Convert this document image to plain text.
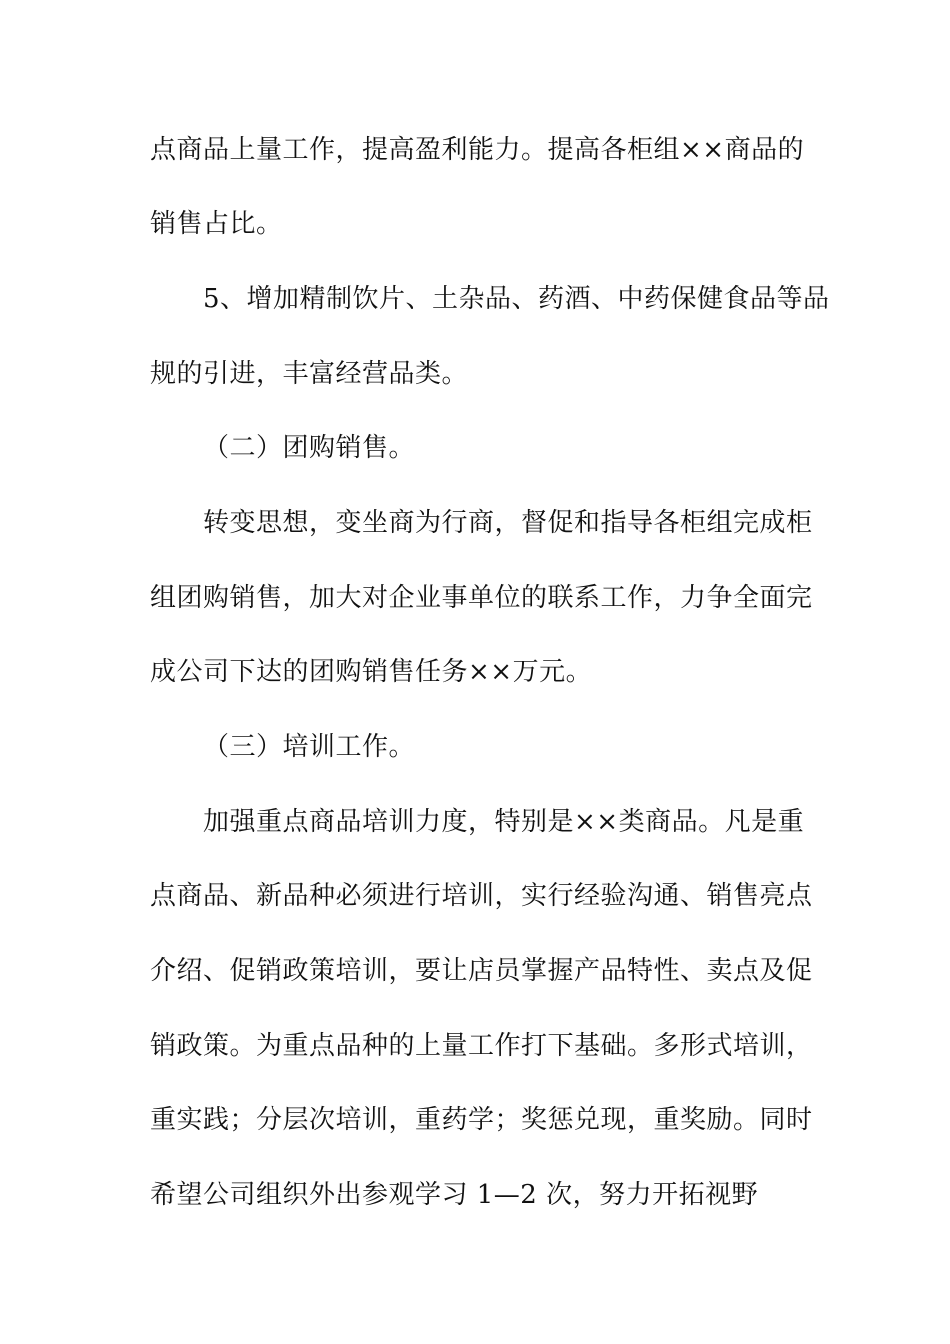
点商品上量工作，提高盈利能力。提高各柜组××商品的
销售占比。
5、增加精制饮片、土杂品、药酒、中药保健食品等品
规的引进，丰富经营品类。
（二）团购销售。
转变思想，变坐商为行商，督促和指导各柜组完成柜
组团购销售，加大对企业事单位的联系工作，力争全面完
成公司下达的团购销售任务××万元。
（三）培训工作。
加强重点商品培训力度，特别是××类商品。凡是重
点商品、新品种必须进行培训，实行经验沟通、销售亮点
介绍、促销政策培训，要让店员掌握产品特性、卖点及促
销政策。为重点品种的上量工作打下基础。多形式培训，
重实践；分层次培训，重药学；奖惩兑现，重奖励。同时
希望公司组织外出参观学习 1—2 次，努力开拓视野
